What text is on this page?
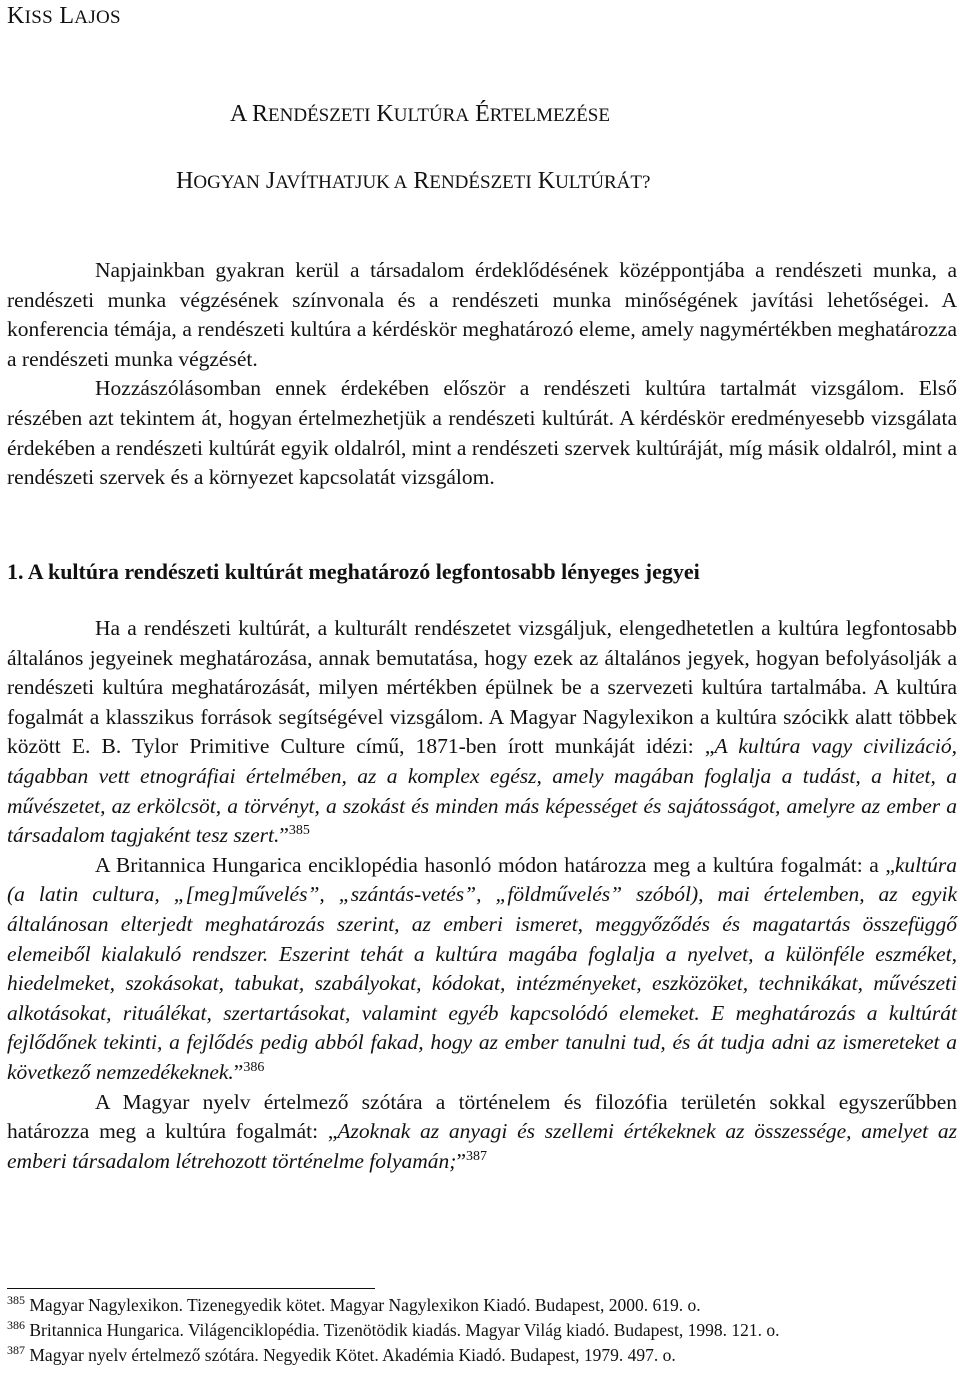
KISS LAJOS
A RENDÉSZETI KULTÚRA ÉRTELMEZÉSE
HOGYAN JAVÍTHATJUK A RENDÉSZETI KULTÚRÁT?

Napjainkban gyakran kerül a társadalom érdeklődésének középpontjába a rendészeti munka, a rendészeti munka végzésének színvonala és a rendészeti munka minőségének javítási lehetőségei. A konferencia témája, a rendészeti kultúra a kérdéskör meghatározó eleme, amely nagymértékben meghatározza a rendészeti munka végzését.

Hozzászólásomban ennek érdekében először a rendészeti kultúra tartalmát vizsgálom. Első részében azt tekintem át, hogyan értelmezhetjük a rendészeti kultúrát. A kérdéskör eredményesebb vizsgálata érdekében a rendészeti kultúrát egyik oldalról, mint a rendészeti szervek kultúráját, míg másik oldalról, mint a rendészeti szervek és a környezet kapcsolatát vizsgálom.

1. A kultúra rendészeti kultúrát meghatározó legfontosabb lényeges jegyei

Ha a rendészeti kultúrát, a kulturált rendészetet vizsgáljuk, elengedhetetlen a kultúra legfontosabb általános jegyeinek meghatározása, annak bemutatása, hogy ezek az általános jegyek, hogyan befolyásolják a rendészeti kultúra meghatározását, milyen mértékben épülnek be a szervezeti kultúra tartalmába. A kultúra fogalmát a klasszikus források segítségével vizsgálom. A Magyar Nagylexikon a kultúra szócikk alatt többek között E. B. Tylor Primitive Culture című, 1871-ben írott munkáját idézi: „A kultúra vagy civilizáció, tágabban vett etnográfiai értelmében, az a komplex egész, amely magában foglalja a tudást, a hitet, a művészetet, az erkölcsöt, a törvényt, a szokást és minden más képességet és sajátosságot, amelyre az ember a társadalom tagjaként tesz szert.”$^{385}$

A Britannica Hungarica enciklopédia hasonló módon határozza meg a kultúra fogalmát: a „kultúra (a latin cultura, „[meg]művelés”, „szántás-vetés”, „földművelés” szóból), mai értelemben, az egyik általánosan elterjedt meghatározás szerint, az emberi ismeret, meggyőződés és magatartás összefüggő elemeiből kialakuló rendszer. Eszerint tehát a kultúra magába foglalja a nyelvet, a különféle eszméket, hiedelmeket, szokásokat, tabukat, szabályokat, kódokat, intézményeket, eszközöket, technikákat, művészeti alkotásokat, rituálékat, szertartásokat, valamint egyéb kapcsolódó elemeket. E meghatározás a kultúrát fejlődőnek tekinti, a fejlődés pedig abból fakad, hogy az ember tanulni tud, és át tudja adni az ismereteket a következő nemzedékeknek.”$^{386}$

A Magyar nyelv értelmező szótára a történelem és filozófia területén sokkal egyszerűbben határozza meg a kultúra fogalmát: „Azoknak az anyagi és szellemi értékeknek az összessége, amelyet az emberi társadalom létrehozott történelme folyamán;”$^{387}$

$^{385}$ Magyar Nagylexikon. Tizenegyedik kötet. Magyar Nagylexikon Kiadó. Budapest, 2000. 619. o.
$^{386}$ Britannica Hungarica. Világenciklopédia. Tizenötödik kiadás. Magyar Világ kiadó. Budapest, 1998. 121. o.
$^{387}$ Magyar nyelv értelmező szótára. Negyedik Kötet. Akadémia Kiadó. Budapest, 1979. 497. o.
